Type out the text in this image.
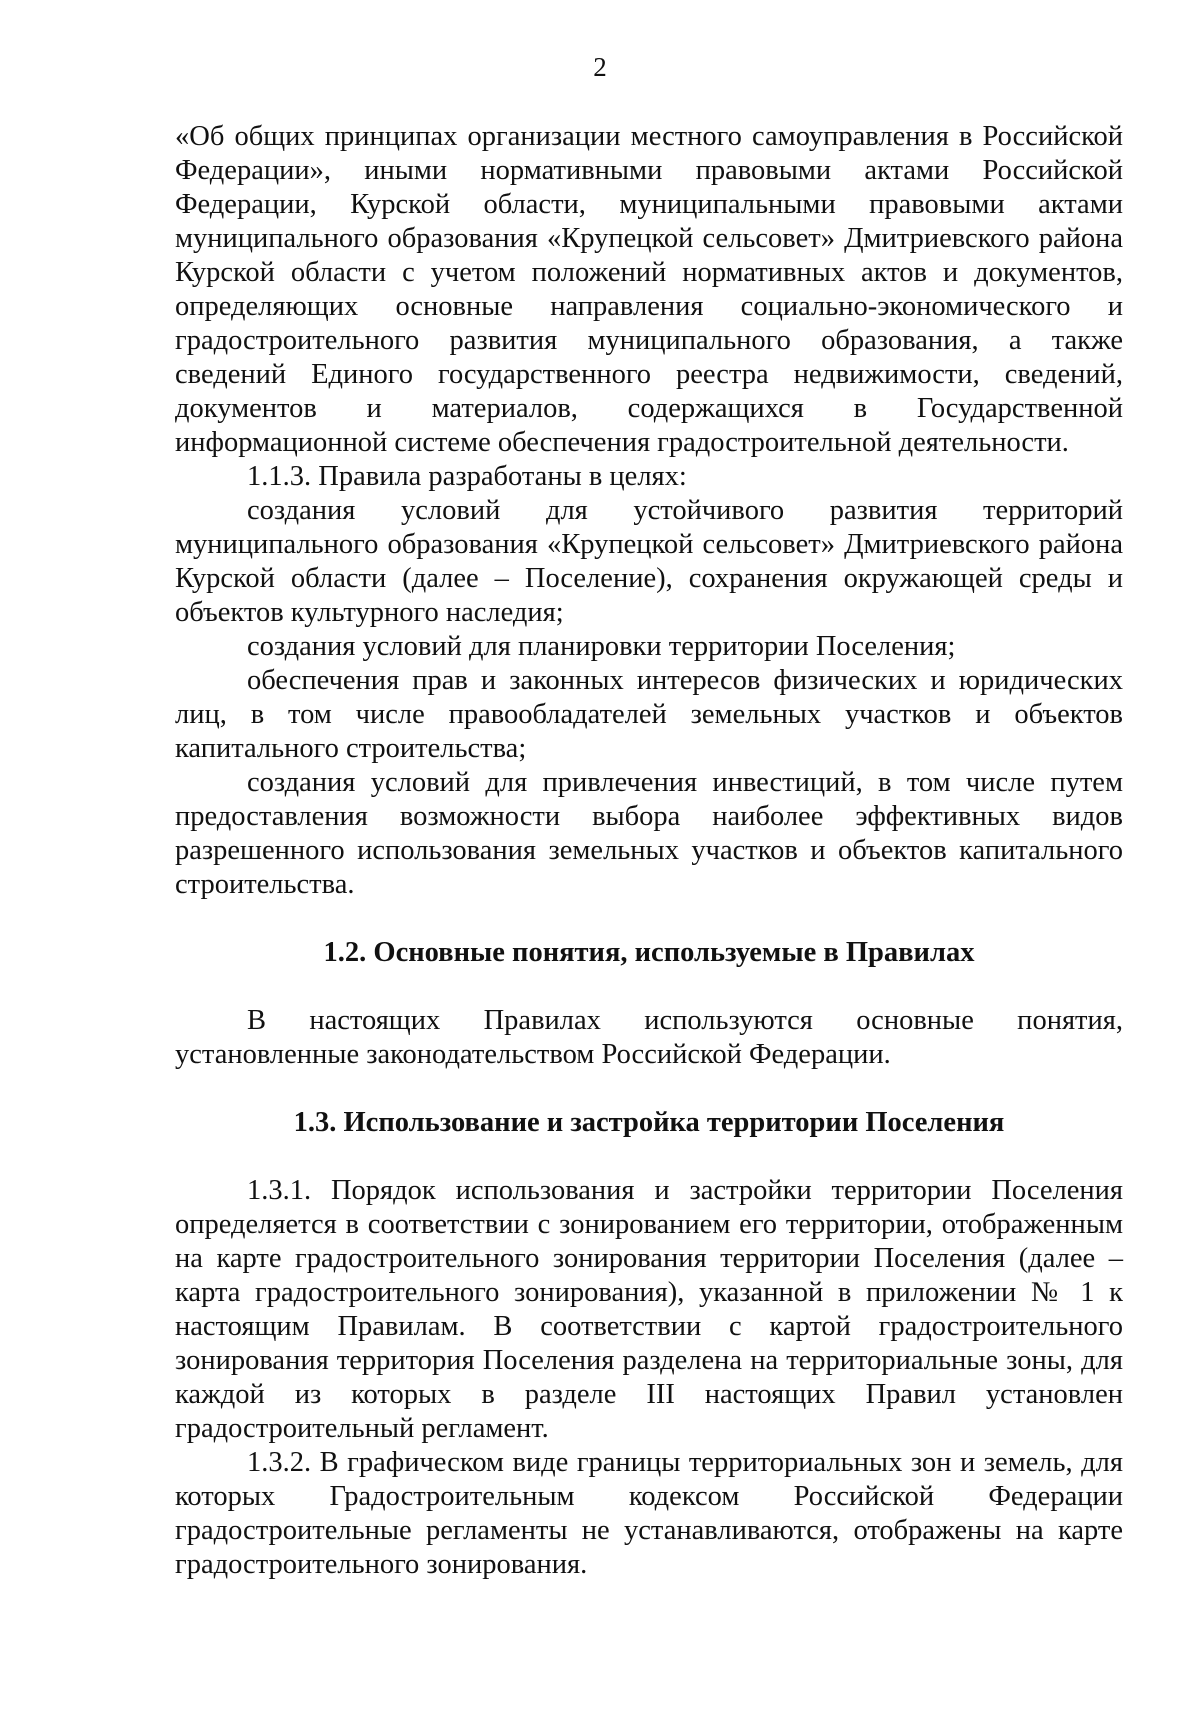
2

«Об общих принципах организации местного самоуправления в Российской Федерации», иными нормативными правовыми актами Российской Федерации, Курской области, муниципальными правовыми актами муниципального образования «Крупецкой сельсовет» Дмитриевского района Курской области с учетом положений нормативных актов и документов, определяющих основные направления социально-экономического и градостроительного развития муниципального образования, а также сведений Единого государственного реестра недвижимости, сведений, документов и материалов, содержащихся в Государственной информационной системе обеспечения градостроительной деятельности.

1.1.3. Правила разработаны в целях:

создания условий для устойчивого развития территорий муниципального образования «Крупецкой сельсовет» Дмитриевского района Курской области (далее – Поселение), сохранения окружающей среды и объектов культурного наследия;

создания условий для планировки территории Поселения;

обеспечения прав и законных интересов физических и юридических лиц, в том числе правообладателей земельных участков и объектов капитального строительства;

создания условий для привлечения инвестиций, в том числе путем предоставления возможности выбора наиболее эффективных видов разрешенного использования земельных участков и объектов капитального строительства.

1.2. Основные понятия, используемые в Правилах

В настоящих Правилах используются основные понятия, установленные законодательством Российской Федерации.

1.3. Использование и застройка территории Поселения

1.3.1. Порядок использования и застройки территории Поселения определяется в соответствии с зонированием его территории, отображенным на карте градостроительного зонирования территории Поселения (далее – карта градостроительного зонирования), указанной в приложении № 1 к настоящим Правилам. В соответствии с картой градостроительного зонирования территория Поселения разделена на территориальные зоны, для каждой из которых в разделе III настоящих Правил установлен градостроительный регламент.

1.3.2. В графическом виде границы территориальных зон и земель, для которых Градостроительным кодексом Российской Федерации градостроительные регламенты не устанавливаются, отображены на карте градостроительного зонирования.
